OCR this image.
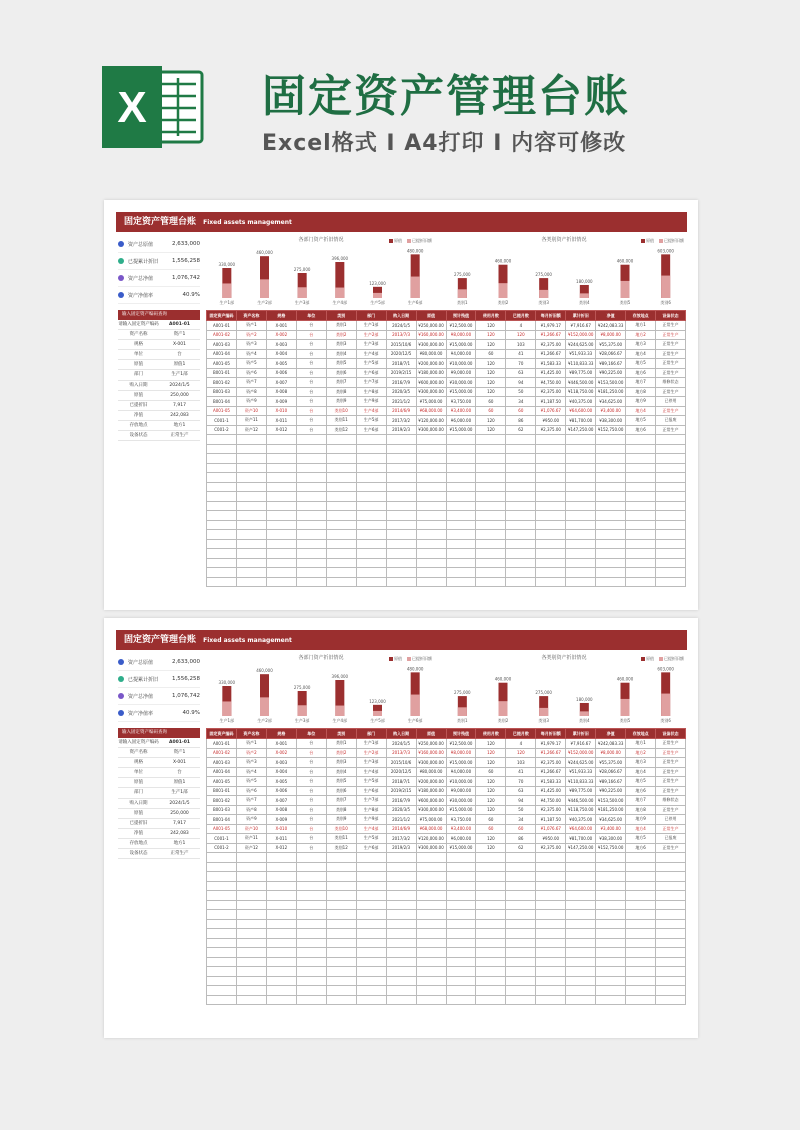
X	固定资产管理台账
Excel格式 I A4打印 I 内容可修改
固定资产管理台账 Fixed assets management
资产总原值	2,633,000
已提累计折旧	1,556,258
资产总净值	1,076,742
资产净值率	40.9%
各部门资产折旧情况	原值	已提折旧额
330,000
生产1部
460,000
生产2部
275,000
生产3部
396,000
生产4部
123,000
生产5部
480,000
生产6部
各类别资产折旧情况	原值	已提折旧额
275,000
类别1
460,000
类别2
275,000
类别3
180,000
类别4
460,000
类别5
603,000
类别6
输入固定资产编码查询
请输入固定资产编码	A001-01
资产名称	资产1
规格	X-001
单位	台
原值	原值1
部门	生产1部
购入日期	2024/1/5
原值	250,000
已提折旧	7,917
净值	242,083
存放地点	地方1
设备状态	正常生产
固定资产编码	资产名称	规格	单位	类别	部门	购入日期	原值	预计残值	使用月数	已提月数	每月折旧额	累计折旧	净值	存放地点	设备状态
A001-01	资产1	X-001	台	类别1	生产1部	2024/1/5	¥250,000.00	¥12,500.00	120	4	¥1,979.17	¥7,916.67	¥242,083.33	地方1	正常生产
A001-02	资产2	X-002	台	类别2	生产2部	2013/7/3	¥160,000.00	¥8,000.00	120	120	¥1,266.67	¥152,000.00	¥8,000.00	地方2	正常生产
A001-03	资产3	X-003	台	类别3	生产3部	2015/10/6	¥300,000.00	¥15,000.00	120	103	¥2,375.00	¥244,625.00	¥55,375.00	地方3	正常生产
A001-04	资产4	X-004	台	类别4	生产4部	2020/12/5	¥80,000.00	¥4,000.00	60	41	¥1,266.67	¥51,933.33	¥28,066.67	地方4	正常生产
A001-05	资产5	X-005	台	类别5	生产5部	2018/7/1	¥200,000.00	¥10,000.00	120	70	¥1,583.33	¥110,833.33	¥89,166.67	地方5	正常生产
B001-01	资产6	X-006	台	类别6	生产6部	2019/2/15	¥180,000.00	¥9,000.00	120	63	¥1,425.00	¥89,775.00	¥90,225.00	地方6	正常生产
B001-02	资产7	X-007	台	类别7	生产7部	2016/7/9	¥600,000.00	¥30,000.00	120	94	¥4,750.00	¥446,500.00	¥153,500.00	地方7	维修状态
B001-03	资产8	X-008	台	类别8	生产8部	2020/3/5	¥300,000.00	¥15,000.00	120	50	¥2,375.00	¥118,750.00	¥181,250.00	地方8	正常生产
B001-04	资产9	X-009	台	类别9	生产9部	2021/1/2	¥75,000.00	¥3,750.00	60	34	¥1,187.50	¥40,375.00	¥34,625.00	地方9	已停用
A001-05	资产10	X-010	台	类别10	生产4部	2014/6/9	¥68,000.00	¥3,400.00	60	60	¥1,076.67	¥64,600.00	¥3,400.00	地方4	正常生产
C001-1	资产11	X-011	台	类别11	生产5部	2017/3/2	¥120,000.00	¥6,000.00	120	86	¥950.00	¥81,700.00	¥38,300.00	地方5	已报废
C001-2	资产12	X-012	台	类别12	生产6部	2019/2/3	¥300,000.00	¥15,000.00	120	62	¥2,375.00	¥147,250.00	¥152,750.00	地方6	正常生产

固定资产管理台账 Fixed assets management
资产总原值	2,633,000
已提累计折旧	1,556,258
资产总净值	1,076,742
资产净值率	40.9%
各部门资产折旧情况	原值	已提折旧额
330,000
生产1部
460,000
生产2部
275,000
生产3部
396,000
生产4部
123,000
生产5部
480,000
生产6部
各类别资产折旧情况	原值	已提折旧额
275,000
类别1
460,000
类别2
275,000
类别3
180,000
类别4
460,000
类别5
603,000
类别6
输入固定资产编码查询
请输入固定资产编码	A001-01
资产名称	资产1
规格	X-001
单位	台
原值	原值1
部门	生产1部
购入日期	2024/1/5
原值	250,000
已提折旧	7,917
净值	242,083
存放地点	地方1
设备状态	正常生产
固定资产编码	资产名称	规格	单位	类别	部门	购入日期	原值	预计残值	使用月数	已提月数	每月折旧额	累计折旧	净值	存放地点	设备状态
A001-01	资产1	X-001	台	类别1	生产1部	2024/1/5	¥250,000.00	¥12,500.00	120	4	¥1,979.17	¥7,916.67	¥242,083.33	地方1	正常生产
A001-02	资产2	X-002	台	类别2	生产2部	2013/7/3	¥160,000.00	¥8,000.00	120	120	¥1,266.67	¥152,000.00	¥8,000.00	地方2	正常生产
A001-03	资产3	X-003	台	类别3	生产3部	2015/10/6	¥300,000.00	¥15,000.00	120	103	¥2,375.00	¥244,625.00	¥55,375.00	地方3	正常生产
A001-04	资产4	X-004	台	类别4	生产4部	2020/12/5	¥80,000.00	¥4,000.00	60	41	¥1,266.67	¥51,933.33	¥28,066.67	地方4	正常生产
A001-05	资产5	X-005	台	类别5	生产5部	2018/7/1	¥200,000.00	¥10,000.00	120	70	¥1,583.33	¥110,833.33	¥89,166.67	地方5	正常生产
B001-01	资产6	X-006	台	类别6	生产6部	2019/2/15	¥180,000.00	¥9,000.00	120	63	¥1,425.00	¥89,775.00	¥90,225.00	地方6	正常生产
B001-02	资产7	X-007	台	类别7	生产7部	2016/7/9	¥600,000.00	¥30,000.00	120	94	¥4,750.00	¥446,500.00	¥153,500.00	地方7	维修状态
B001-03	资产8	X-008	台	类别8	生产8部	2020/3/5	¥300,000.00	¥15,000.00	120	50	¥2,375.00	¥118,750.00	¥181,250.00	地方8	正常生产
B001-04	资产9	X-009	台	类别9	生产9部	2021/1/2	¥75,000.00	¥3,750.00	60	34	¥1,187.50	¥40,375.00	¥34,625.00	地方9	已停用
A001-05	资产10	X-010	台	类别10	生产4部	2014/6/9	¥68,000.00	¥3,400.00	60	60	¥1,076.67	¥64,600.00	¥3,400.00	地方4	正常生产
C001-1	资产11	X-011	台	类别11	生产5部	2017/3/2	¥120,000.00	¥6,000.00	120	86	¥950.00	¥81,700.00	¥38,300.00	地方5	已报废
C001-2	资产12	X-012	台	类别12	生产6部	2019/2/3	¥300,000.00	¥15,000.00	120	62	¥2,375.00	¥147,250.00	¥152,750.00	地方6	正常生产
